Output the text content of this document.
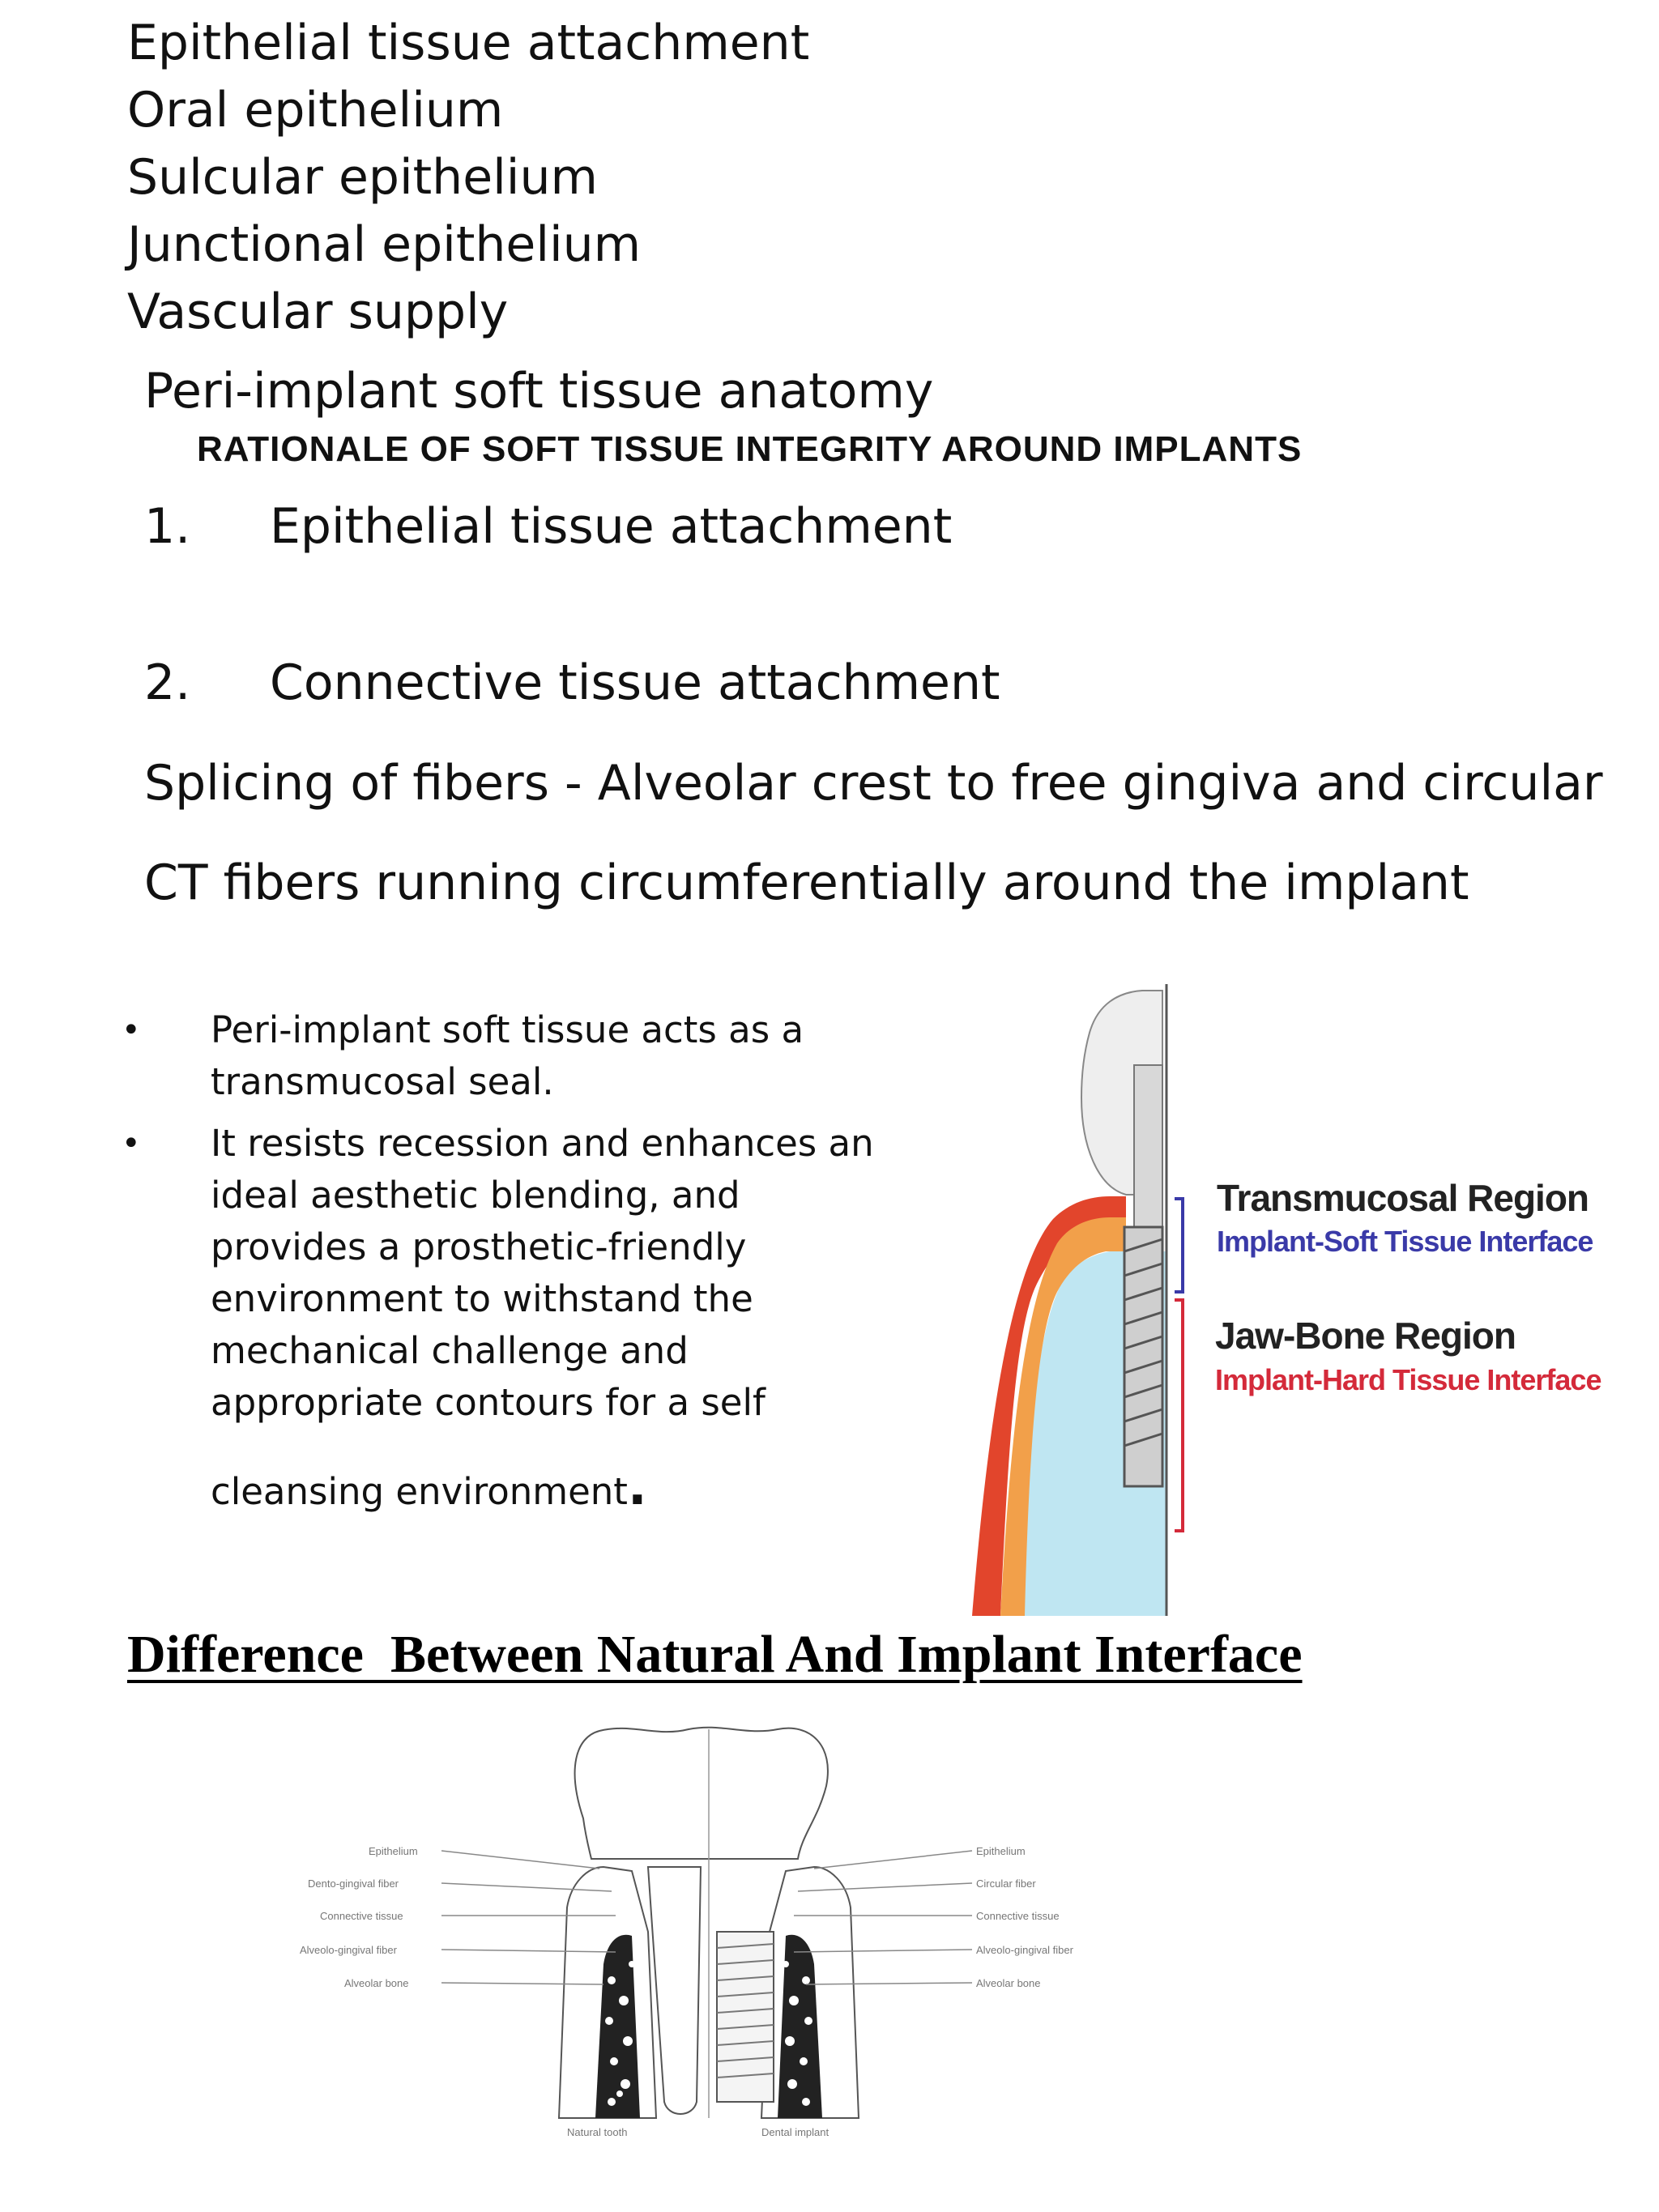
Epithelial tissue attachment
Oral epithelium
Sulcular epithelium
Junctional epithelium
Vascular supply
Peri-implant soft tissue anatomy
RATIONALE OF SOFT TISSUE INTEGRITY AROUND IMPLANTS
1. Epithelial tissue attachment
2. Connective tissue attachment
Splicing of fibers - Alveolar crest to free gingiva and circular
CT fibers running circumferentially around the implant
• Peri-implant soft tissue acts as a
transmucosal seal.
• It resists recession and enhances an
ideal aesthetic blending, and
provides a prosthetic-friendly
environment to withstand the
mechanical challenge and
appropriate contours for a self
cleansing environment.
Transmucosal Region
Implant-Soft Tissue Interface
Jaw-Bone Region
Implant-Hard Tissue Interface
Difference  Between Natural And Implant Interface
Epithelium
Dento-gingival fiber
Connective tissue
Alveolo-gingival fiber
Alveolar bone
Epithelium
Circular fiber
Connective tissue
Alveolo-gingival fiber
Alveolar bone
Natural tooth	Dental implant
